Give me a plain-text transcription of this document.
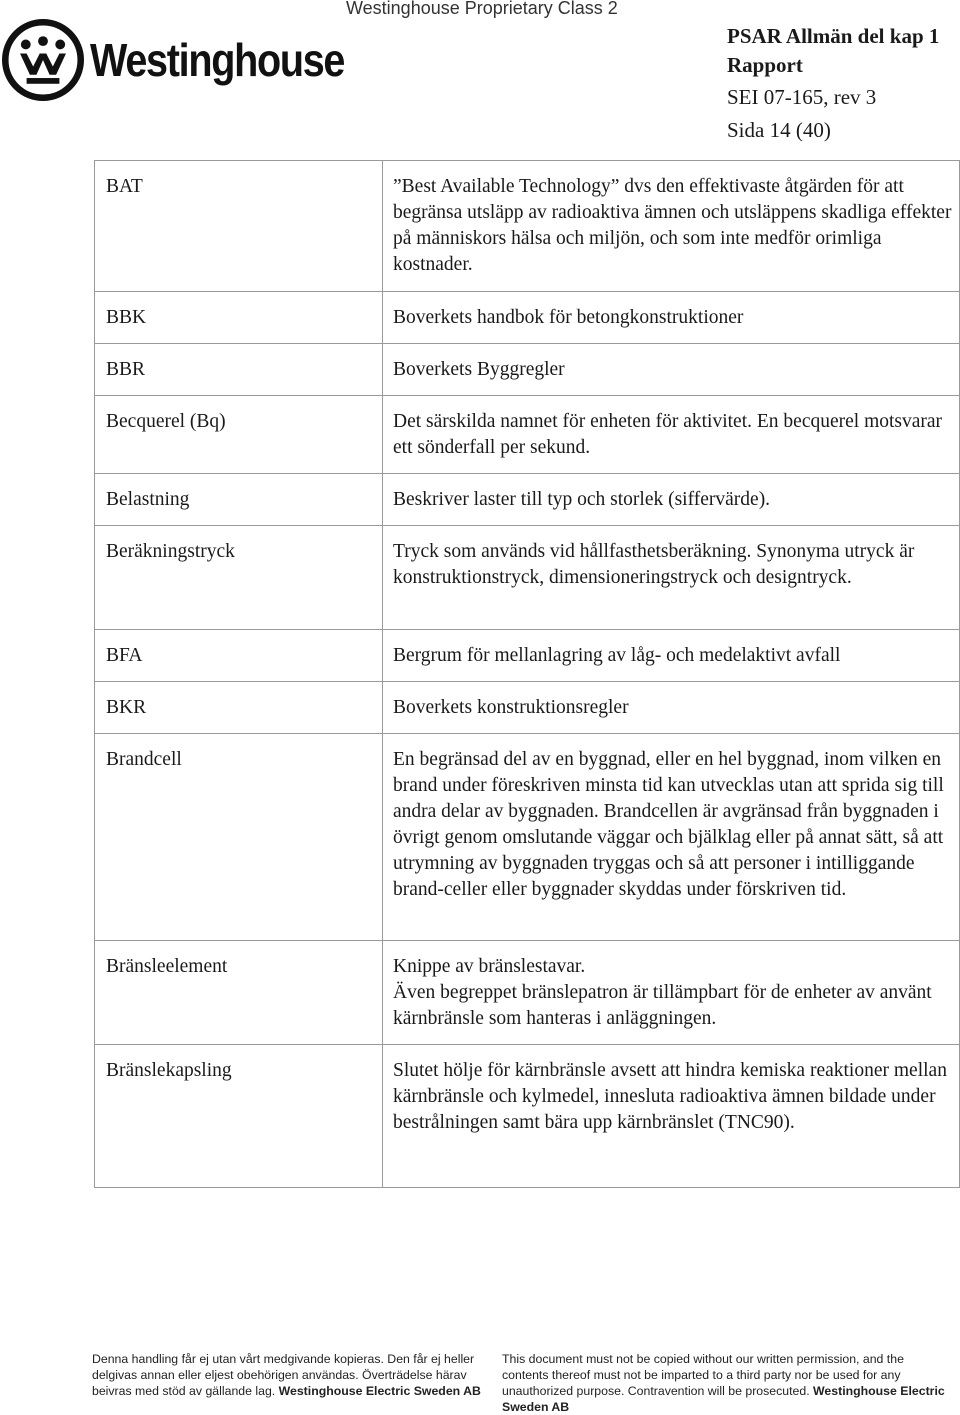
Westinghouse Proprietary Class 2
Westinghouse	PSAR Allmän del kap 1
Rapport
SEI 07-165, rev 3
Sida 14 (40)
BAT	”Best Available Technology” dvs den effektivaste åtgärden för att begränsa utsläpp av radioaktiva ämnen och utsläppens skadliga effekter på människors hälsa och miljön, och som inte medför orimliga kostnader.

BBK	Boverkets handbok för betongkonstruktioner

BBR	Boverkets Byggregler

Becquerel (Bq)	Det särskilda namnet för enheten för aktivitet. En becquerel motsvarar ett sönderfall per sekund.

Belastning	Beskriver laster till typ och storlek (siffervärde).

Beräkningstryck	Tryck som används vid hållfasthetsberäkning. Synonyma utryck är konstruktionstryck, dimensioneringstryck och designtryck.

BFA	Bergrum för mellanlagring av låg- och medelaktivt avfall

BKR	Boverkets konstruktionsregler

Brandcell	En begränsad del av en byggnad, eller en hel byggnad, inom vilken en brand under föreskriven minsta tid kan utvecklas utan att sprida sig till andra delar av byggnaden. Brandcellen är avgränsad från byggnaden i övrigt genom omslutande väggar och bjälklag eller på annat sätt, så att utrymning av byggnaden tryggas och så att personer i intilliggande brand-celler eller byggnader skyddas under förskriven tid.

Bränsleelement	Knippe av bränslestavar.
Även begreppet bränslepatron är tillämpbart för de enheter av använt kärnbränsle som hanteras i anläggningen.

Bränslekapsling	Slutet hölje för kärnbränsle avsett att hindra kemiska reaktioner mellan kärnbränsle och kylmedel, innesluta radioaktiva ämnen bildade under bestrålningen samt bära upp kärnbränslet (TNC90).
Denna handling får ej utan vårt medgivande kopieras. Den får ej heller delgivas annan eller eljest obehörigen användas. Överträdelse härav beivras med stöd av gällande lag. Westinghouse Electric Sweden AB
This document must not be copied without our written permission, and the contents thereof must not be imparted to a third party nor be used for any unauthorized purpose. Contravention will be prosecuted. Westinghouse Electric Sweden AB
